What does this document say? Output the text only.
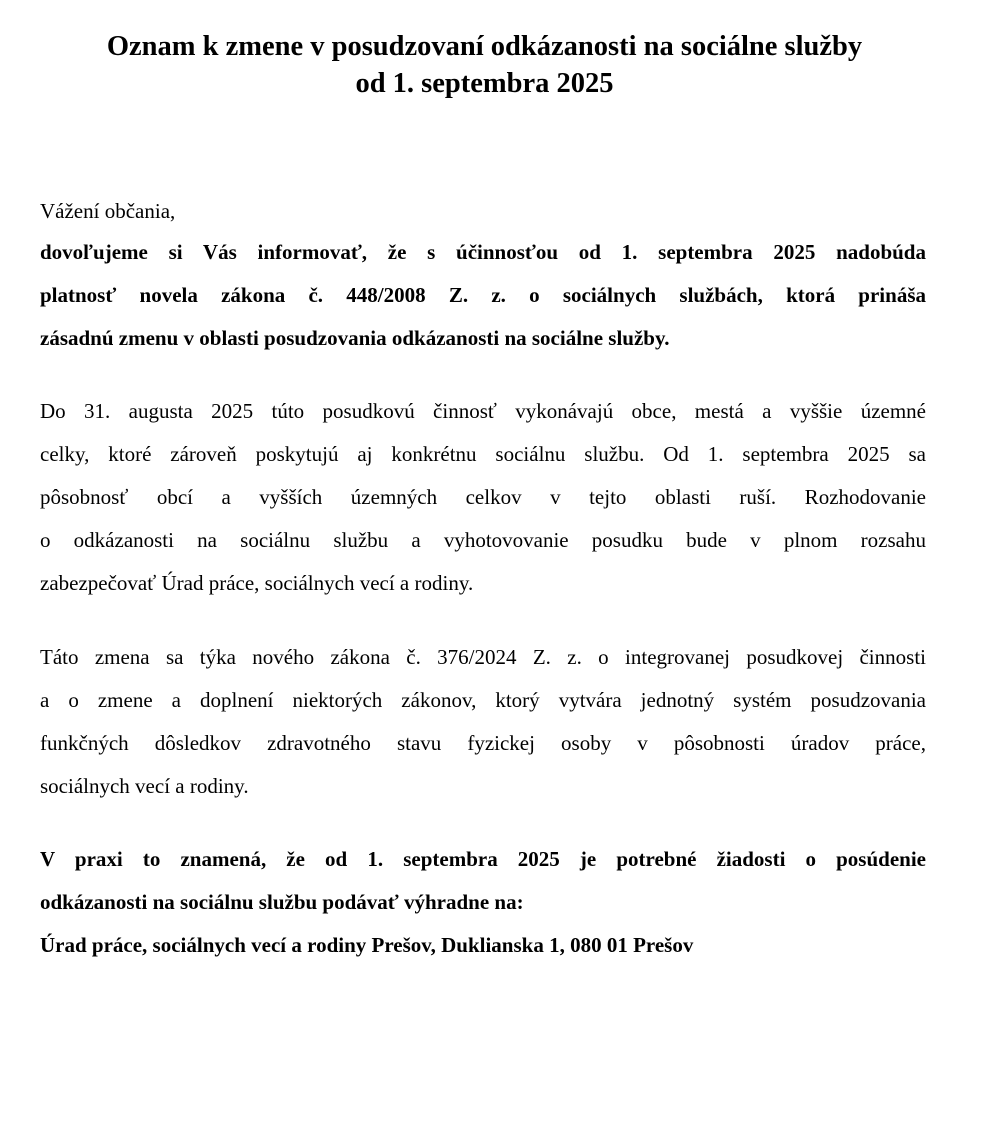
Oznam k zmene v posudzovaní odkázanosti na sociálne služby
od 1. septembra 2025
Vážení občania,
dovoľujeme si Vás informovať, že s účinnosťou od 1. septembra 2025 nadobúda
platnosť novela zákona č. 448/2008 Z. z. o sociálnych službách, ktorá prináša
zásadnú zmenu v oblasti posudzovania odkázanosti na sociálne služby.
Do 31. augusta 2025 túto posudkovú činnosť vykonávajú obce, mestá a vyššie územné
celky, ktoré zároveň poskytujú aj konkrétnu sociálnu službu. Od 1. septembra 2025 sa
pôsobnosť obcí a vyšších územných celkov v tejto oblasti ruší. Rozhodovanie
o odkázanosti na sociálnu službu a vyhotovovanie posudku bude v plnom rozsahu
zabezpečovať Úrad práce, sociálnych vecí a rodiny.
Táto zmena sa týka nového zákona č. 376/2024 Z. z. o integrovanej posudkovej činnosti
a o zmene a doplnení niektorých zákonov, ktorý vytvára jednotný systém posudzovania
funkčných dôsledkov zdravotného stavu fyzickej osoby v pôsobnosti úradov práce,
sociálnych vecí a rodiny.
V praxi to znamená, že od 1. septembra 2025 je potrebné žiadosti o posúdenie
odkázanosti na sociálnu službu podávať výhradne na:
Úrad práce, sociálnych vecí a rodiny Prešov, Duklianska 1, 080 01 Prešov
